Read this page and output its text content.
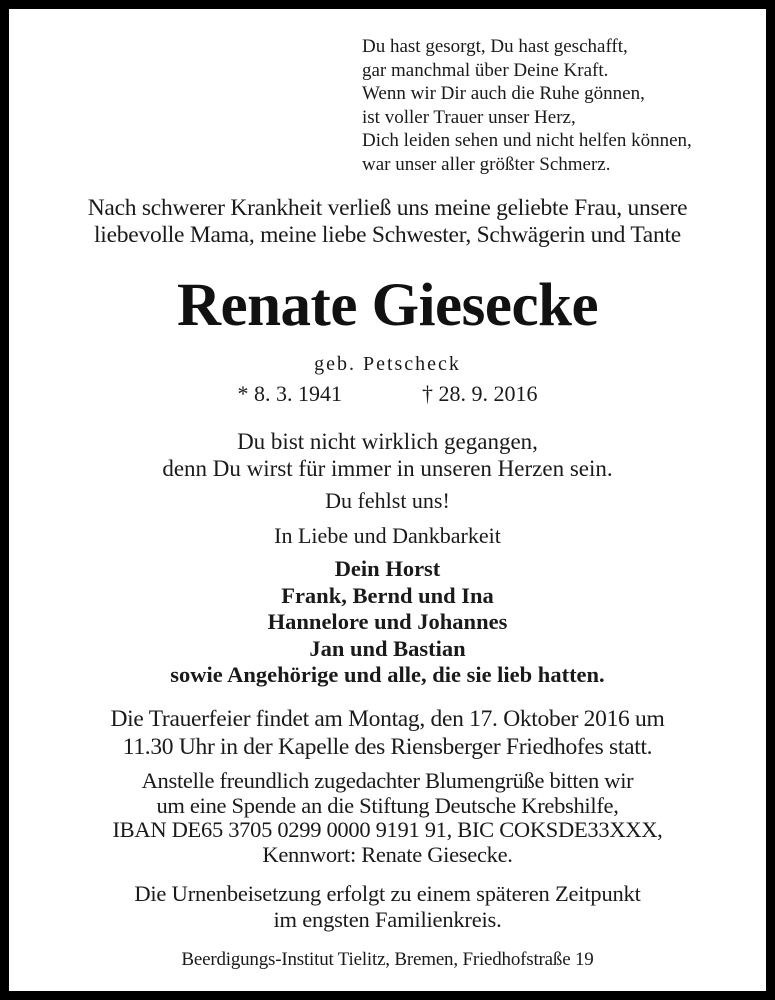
Du hast gesorgt, Du hast geschafft,
gar manchmal über Deine Kraft.
Wenn wir Dir auch die Ruhe gönnen,
ist voller Trauer unser Herz,
Dich leiden sehen und nicht helfen können,
war unser aller größter Schmerz.
Nach schwerer Krankheit verließ uns meine geliebte Frau, unsere
liebevolle Mama, meine liebe Schwester, Schwägerin und Tante
Renate Giesecke
geb. Petscheck
* 8. 3. 1941	† 28. 9. 2016
Du bist nicht wirklich gegangen,
denn Du wirst für immer in unseren Herzen sein.
Du fehlst uns!
In Liebe und Dankbarkeit
Dein Horst
Frank, Bernd und Ina
Hannelore und Johannes
Jan und Bastian
sowie Angehörige und alle, die sie lieb hatten.
Die Trauerfeier findet am Montag, den 17. Oktober 2016 um
11.30 Uhr in der Kapelle des Riensberger Friedhofes statt.
Anstelle freundlich zugedachter Blumengrüße bitten wir
um eine Spende an die Stiftung Deutsche Krebshilfe,
IBAN DE65 3705 0299 0000 9191 91, BIC COKSDE33XXX,
Kennwort: Renate Giesecke.
Die Urnenbeisetzung erfolgt zu einem späteren Zeitpunkt
im engsten Familienkreis.
Beerdigungs-Institut Tielitz, Bremen, Friedhofstraße 19
